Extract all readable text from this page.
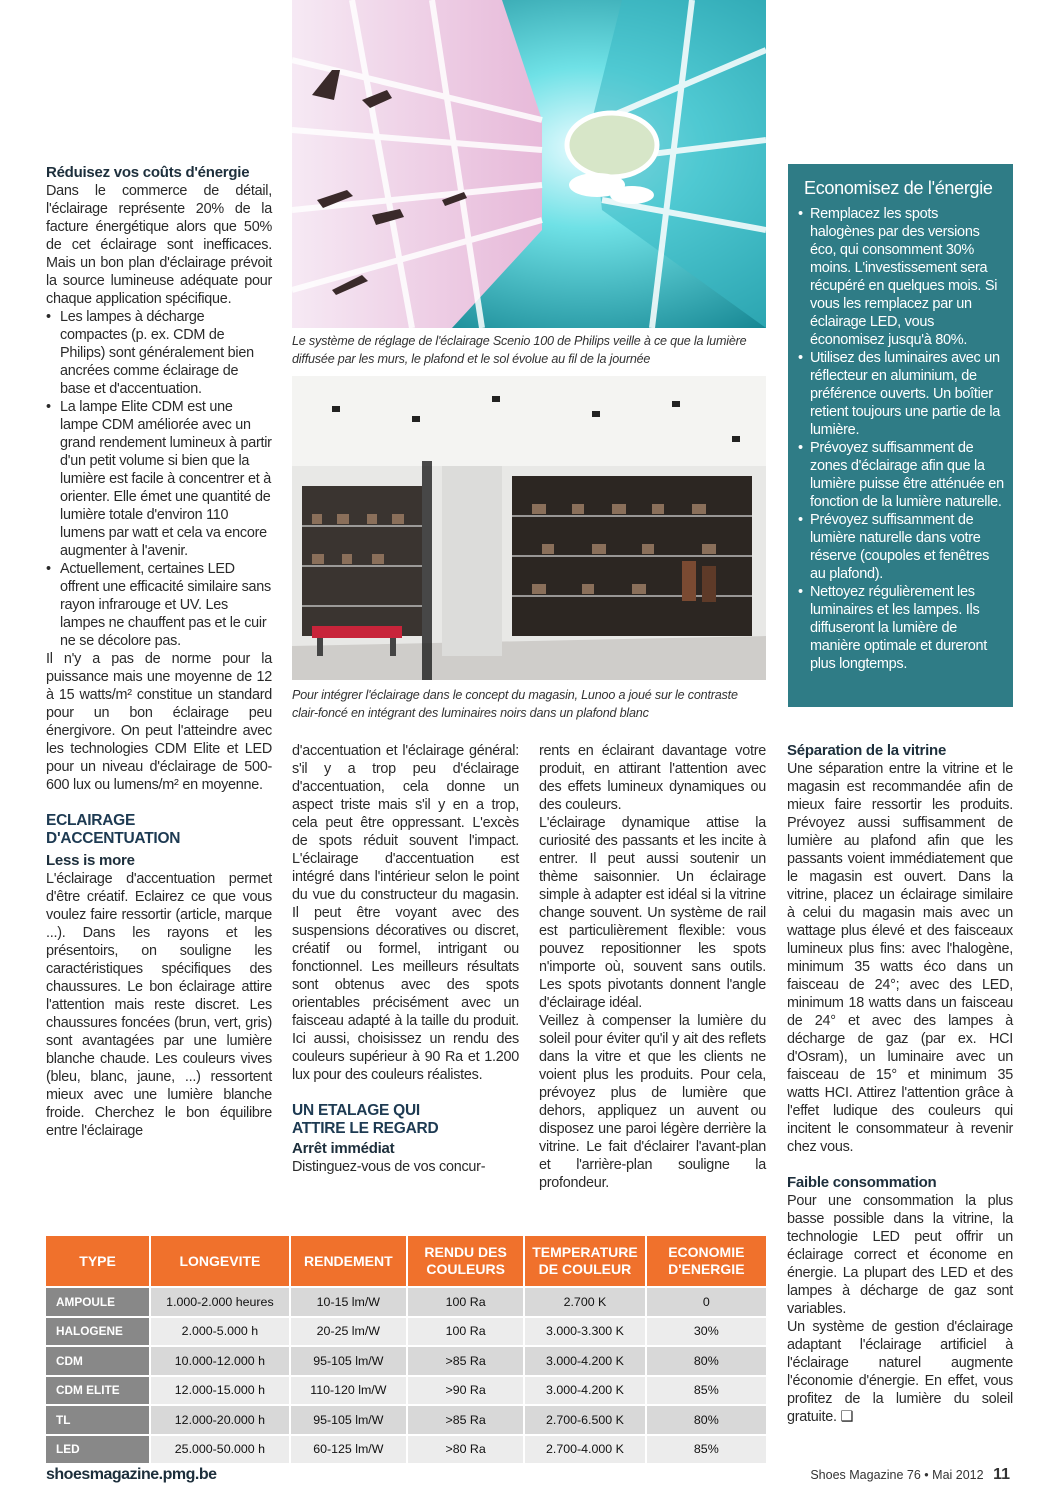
Le système de réglage de l'éclairage Scenio 100 de Philips veille à ce que la lumière diffusée par les murs, le plafond et le sol évolue au fil de la journée
Pour intégrer l'éclairage dans le concept du magasin, Lunoo a joué sur le contraste clair-foncé en intégrant des luminaires noirs dans un plafond blanc

Réduisez vos coûts d'énergie

Dans le commerce de détail, l'éclairage représente 20% de la facture énergétique alors que 50% de cet éclairage sont inefficaces. Mais un bon plan d'éclairage prévoit la source lumineuse adéquate pour chaque application spécifique.

• Les lampes à décharge compactes (p. ex. CDM de Philips) sont généralement bien ancrées comme éclairage de base et d'accentuation.
• La lampe Elite CDM est une lampe CDM améliorée avec un grand rendement lumineux à partir d'un petit volume si bien que la lumière est facile à concentrer et à orienter. Elle émet une quantité de lumière totale d'environ 110 lumens par watt et cela va encore augmenter à l'avenir.
• Actuellement, certaines LED offrent une efficacité similaire sans rayon infrarouge et UV. Les lampes ne chauffent pas et le cuir ne se décolore pas.

Il n'y a pas de norme pour la puissance mais une moyenne de 12 à 15 watts/m² constitue un standard pour un bon éclairage peu énergivore. On peut l'atteindre avec les technologies CDM Elite et LED pour un niveau d'éclairage de 500-600 lux ou lumens/m² en moyenne.

ECLAIRAGE D'ACCENTUATION

Less is more

L'éclairage d'accentuation permet d'être créatif. Eclairez ce que vous voulez faire ressortir (article, marque ...). Dans les rayons et les présentoirs, on souligne les caractéristiques spécifiques des chaussures. Le bon éclairage attire l'attention mais reste discret. Les chaussures foncées (brun, vert, gris) sont avantagées par une lumière blanche chaude. Les couleurs vives (bleu, blanc, jaune, ...) ressortent mieux avec une lumière blanche froide. Cherchez le bon équilibre entre l'éclairage

d'accentuation et l'éclairage général: s'il y a trop peu d'éclairage d'accentuation, cela donne un aspect triste mais s'il y en a trop, cela peut être oppressant. L'excès de spots réduit souvent l'impact. L'éclairage d'accentuation est intégré dans l'intérieur selon le point du vue du constructeur du magasin. Il peut être voyant avec des suspensions décoratives ou discret, créatif ou formel, intrigant ou fonctionnel. Les meilleurs résultats sont obtenus avec des spots orientables précisément avec un faisceau adapté à la taille du produit. Ici aussi, choisissez un rendu des couleurs supérieur à 90 Ra et 1.200 lux pour des couleurs réalistes.

UN ETALAGE QUI ATTIRE LE REGARD

Arrêt immédiat

Distinguez-vous de vos concur-

rents en éclairant davantage votre produit, en attirant l'attention avec des effets lumineux dynamiques ou des couleurs.

L'éclairage dynamique attise la curiosité des passants et les incite à entrer. Il peut aussi soutenir un thème saisonnier. Un éclairage simple à adapter est idéal si la vitrine change souvent. Un système de rail est particulièrement flexible: vous pouvez repositionner les spots n'importe où, souvent sans outils. Les spots pivotants donnent l'angle d'éclairage idéal.

Veillez à compenser la lumière du soleil pour éviter qu'il y ait des reflets dans la vitre et que les clients ne voient plus les produits. Pour cela, prévoyez plus de lumière que dehors, appliquez un auvent ou disposez une paroi légère derrière la vitrine. Le fait d'éclairer l'avant-plan et l'arrière-plan souligne la profondeur.

Economisez de l'énergie
• Remplacez les spots halogènes par des versions éco, qui consomment 30% moins. L'investissement sera récupéré en quelques mois. Si vous les remplacez par un éclairage LED, vous économisez jusqu'à 80%.
• Utilisez des luminaires avec un réflecteur en aluminium, de préférence ouverts. Un boîtier retient toujours une partie de la lumière.
• Prévoyez suffisamment de zones d'éclairage afin que la lumière puisse être atténuée en fonction de la lumière naturelle.
• Prévoyez suffisamment de lumière naturelle dans votre réserve (coupoles et fenêtres au plafond).
• Nettoyez régulièrement les luminaires et les lampes. Ils diffuseront la lumière de manière optimale et dureront plus longtemps.

Séparation de la vitrine

Une séparation entre la vitrine et le magasin est recommandée afin de mieux faire ressortir les produits. Prévoyez aussi suffisamment de lumière au plafond afin que les passants voient immédiatement que le magasin est ouvert. Dans la vitrine, placez un éclairage similaire à celui du magasin mais avec un wattage plus élevé et des faisceaux lumineux plus fins: avec l'halogène, minimum 35 watts éco dans un faisceau de 24°; avec des LED, minimum 18 watts dans un faisceau de 24° et avec des lampes à décharge de gaz (par ex. HCI d'Osram), un luminaire avec un faisceau de 15° et minimum 35 watts HCI. Attirez l'attention grâce à l'effet ludique des couleurs qui incitent le consommateur à revenir chez vous.

Faible consommation

Pour une consommation la plus basse possible dans la vitrine, la technologie LED peut offrir un éclairage correct et économe en énergie. La plupart des LED et des lampes à décharge de gaz sont variables.

Un système de gestion d'éclairage adaptant l'éclairage artificiel à l'éclairage naturel augmente l'économie d'énergie. En effet, vous profitez de la lumière du soleil gratuite. ❑

TYPE	LONGEVITE	RENDEMENT	RENDU DES COULEURS	TEMPERATURE DE COULEUR	ECONOMIE D'ENERGIE
AMPOULE	1.000-2.000 heures	10-15 lm/W	100 Ra	2.700 K	0
HALOGENE	2.000-5.000 h	20-25 lm/W	100 Ra	3.000-3.300 K	30%
CDM	10.000-12.000 h	95-105 lm/W	>85 Ra	3.000-4.200 K	80%
CDM ELITE	12.000-15.000 h	110-120 lm/W	>90 Ra	3.000-4.200 K	85%
TL	12.000-20.000 h	95-105 lm/W	>85 Ra	2.700-6.500 K	80%
LED	25.000-50.000 h	60-125 lm/W	>80 Ra	2.700-4.000 K	85%
shoesmagazine.pmg.be	Shoes Magazine 76 • Mai 2012 11
